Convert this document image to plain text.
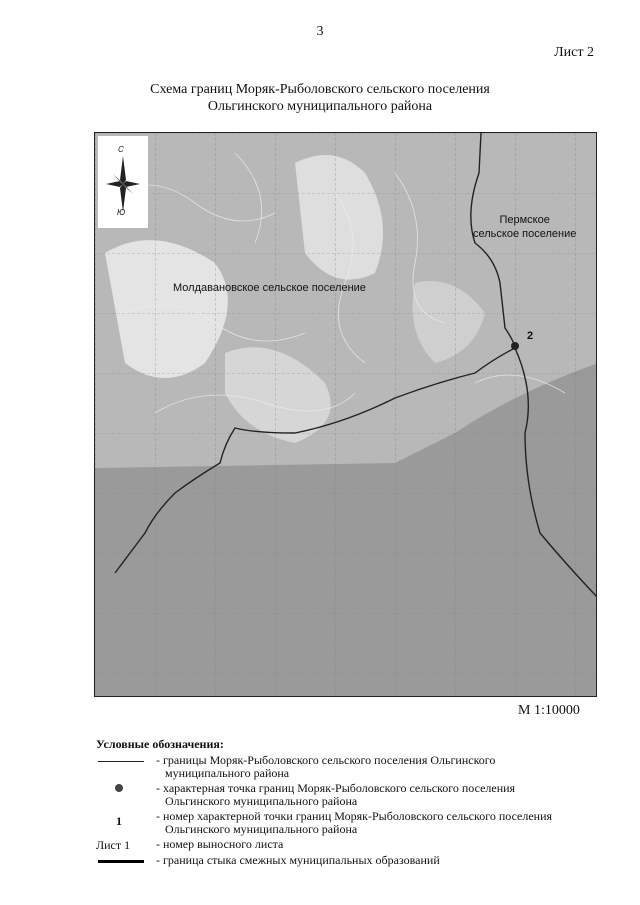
3
Лист 2
Схема границ Моряк-Рыболовского сельского поселения
Ольгинского муниципального района
С
Ю
Молдавановское сельское поселение
Пермское
сельское поселение
2
М 1:10000
Условные обозначения:
- границы Моряк-Рыболовского сельского поселения Ольгинского
муниципального района
- характерная точка границ Моряк-Рыболовского сельского поселения
Ольгинского муниципального района
1	- номер характерной точки границ Моряк-Рыболовского сельского поселения
Ольгинского муниципального района
Лист 1 - номер выносного листа
- граница стыка смежных муниципальных образований
